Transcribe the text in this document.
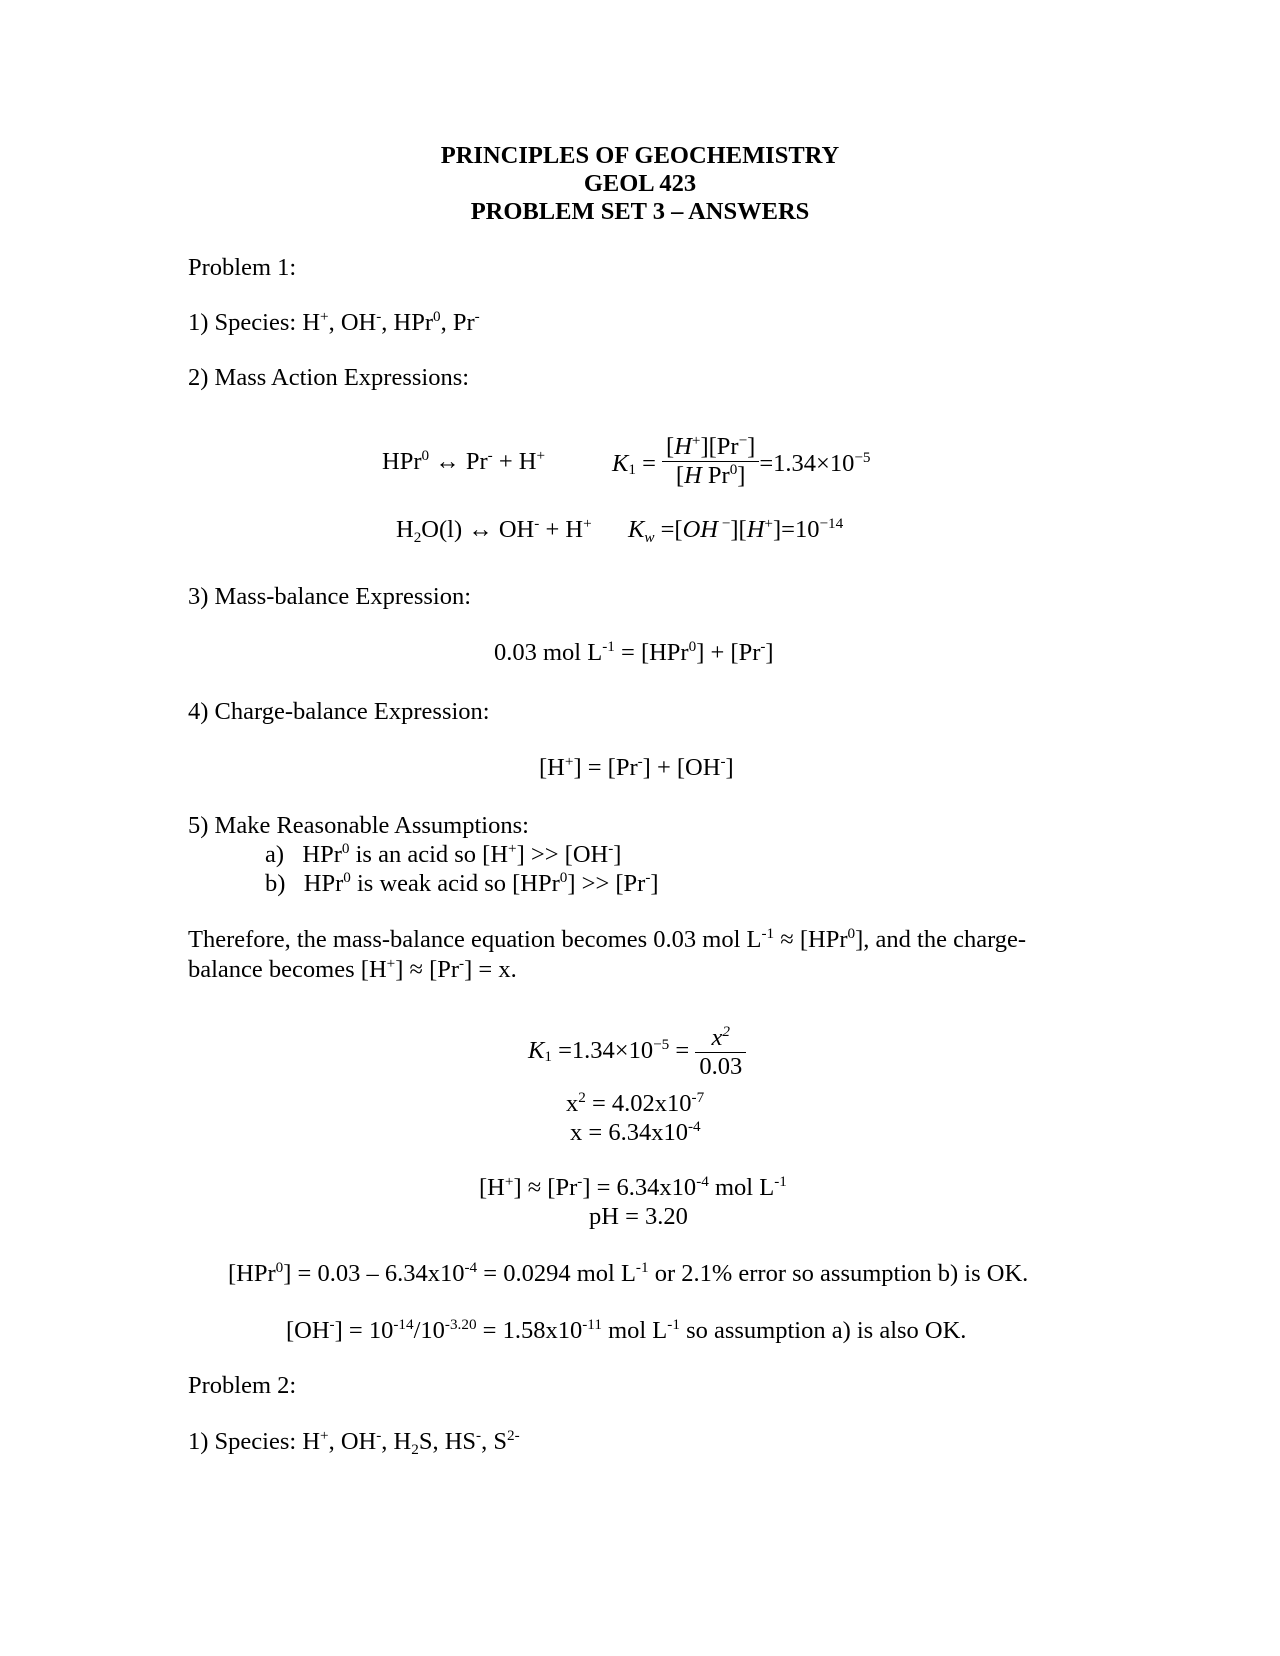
PRINCIPLES OF GEOCHEMISTRY
GEOL 423
PROBLEM SET 3 – ANSWERS
Problem 1:
1) Species: H+, OH-, HPr$^0$, Pr-
2) Mass Action Expressions:
HPr$^0$ ↔ Pr- + H+	$K_1 = \frac{[H^+][Pr^-]}{[H Pr^0]} =1.34\times 10^{-5}$
$H_2O(l)$ ↔ OH- + H+ $K_w =[OH$ $^-][H^+]=10^{-14}$
3) Mass-balance Expression:
0.03 mol $L^{-1} = [HPr^0] + [Pr^-]$
4) Charge-balance Expression:
[H+] = [Pr-] + [OH-]
5) Make Reasonable Assumptions:
a)   HPr$^0$ is an acid so [H+] >> [OH-]
b)   HPr$^0$ is weak acid so [HPr$^0$] >> [Pr-]
Therefore, the mass-balance equation becomes 0.03 mol $L^{-1} \approx [HPr^0]$, and the charge-
balance becomes [H+] ≈ [Pr-] = x.
$K_1 =1.34\times 10^{-5} = \frac{x^2}{0.03}$
$x^2 = 4.02x10^{-7}$
$x = 6.34x10^{-4}$
$[H^+] \approx [Pr^-] = 6.34x10^{-4}$ mol $L^{-1}$
pH = 3.20
$[HPr^0] = 0.03 - 6.34x10^{-4} = 0.0294$ mol $L^{-1}$ or 2.1% error so assumption b) is OK.
$[OH^-] = 10^{-14}/10^{-3.20} = 1.58x10^{-11}$ mol $L^{-1}$ so assumption a) is also OK.
Problem 2:
1) Species: H+, OH-, $H_2S$, HS-, $S^{2-}$
